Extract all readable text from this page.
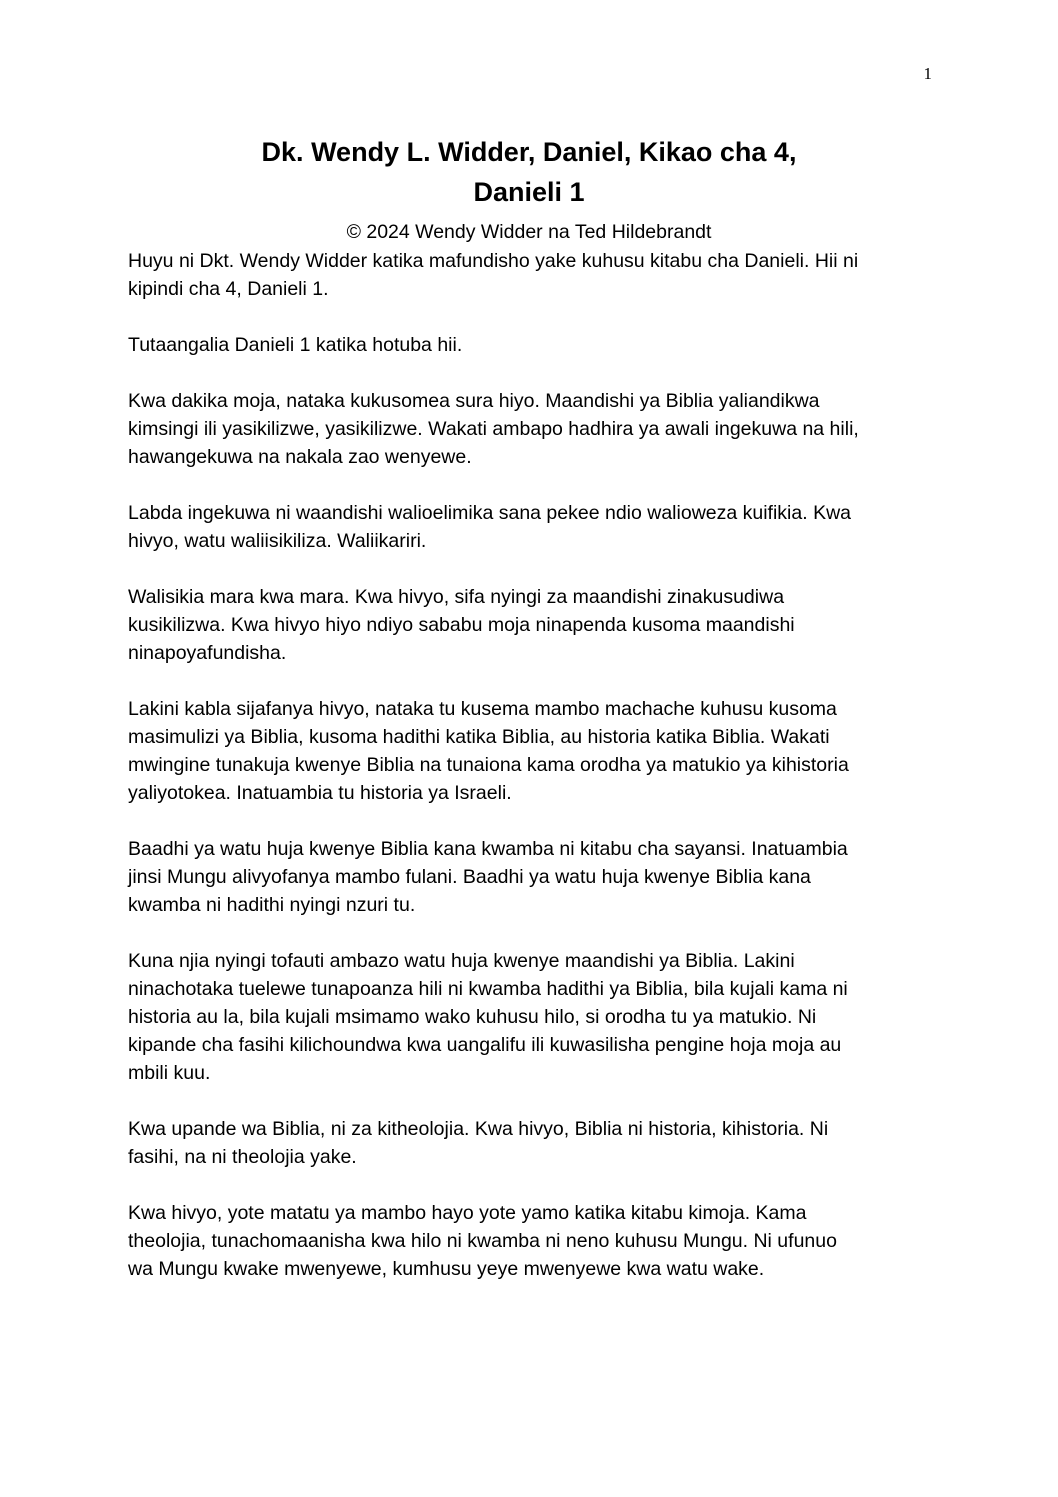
1
Dk. Wendy L. Widder, Daniel, Kikao cha 4,
Danieli 1
© 2024 Wendy Widder na Ted Hildebrandt

Huyu ni Dkt. Wendy Widder katika mafundisho yake kuhusu kitabu cha Danieli. Hii ni
kipindi cha 4, Danieli 1.

Tutaangalia Danieli 1 katika hotuba hii.

Kwa dakika moja, nataka kukusomea sura hiyo. Maandishi ya Biblia yaliandikwa
kimsingi ili yasikilizwe, yasikilizwe. Wakati ambapo hadhira ya awali ingekuwa na hili,
hawangekuwa na nakala zao wenyewe.

Labda ingekuwa ni waandishi walioelimika sana pekee ndio walioweza kuifikia. Kwa
hivyo, watu waliisikiliza. Waliikariri.

Walisikia mara kwa mara. Kwa hivyo, sifa nyingi za maandishi zinakusudiwa
kusikilizwa. Kwa hivyo hiyo ndiyo sababu moja ninapenda kusoma maandishi
ninapoyafundisha.

Lakini kabla sijafanya hivyo, nataka tu kusema mambo machache kuhusu kusoma
masimulizi ya Biblia, kusoma hadithi katika Biblia, au historia katika Biblia. Wakati
mwingine tunakuja kwenye Biblia na tunaiona kama orodha ya matukio ya kihistoria
yaliyotokea. Inatuambia tu historia ya Israeli.

Baadhi ya watu huja kwenye Biblia kana kwamba ni kitabu cha sayansi. Inatuambia
jinsi Mungu alivyofanya mambo fulani. Baadhi ya watu huja kwenye Biblia kana
kwamba ni hadithi nyingi nzuri tu.

Kuna njia nyingi tofauti ambazo watu huja kwenye maandishi ya Biblia. Lakini
ninachotaka tuelewe tunapoanza hili ni kwamba hadithi ya Biblia, bila kujali kama ni
historia au la, bila kujali msimamo wako kuhusu hilo, si orodha tu ya matukio. Ni
kipande cha fasihi kilichoundwa kwa uangalifu ili kuwasilisha pengine hoja moja au
mbili kuu.

Kwa upande wa Biblia, ni za kitheolojia. Kwa hivyo, Biblia ni historia, kihistoria. Ni
fasihi, na ni theolojia yake.

Kwa hivyo, yote matatu ya mambo hayo yote yamo katika kitabu kimoja. Kama
theolojia, tunachomaanisha kwa hilo ni kwamba ni neno kuhusu Mungu. Ni ufunuo
wa Mungu kwake mwenyewe, kumhusu yeye mwenyewe kwa watu wake.
